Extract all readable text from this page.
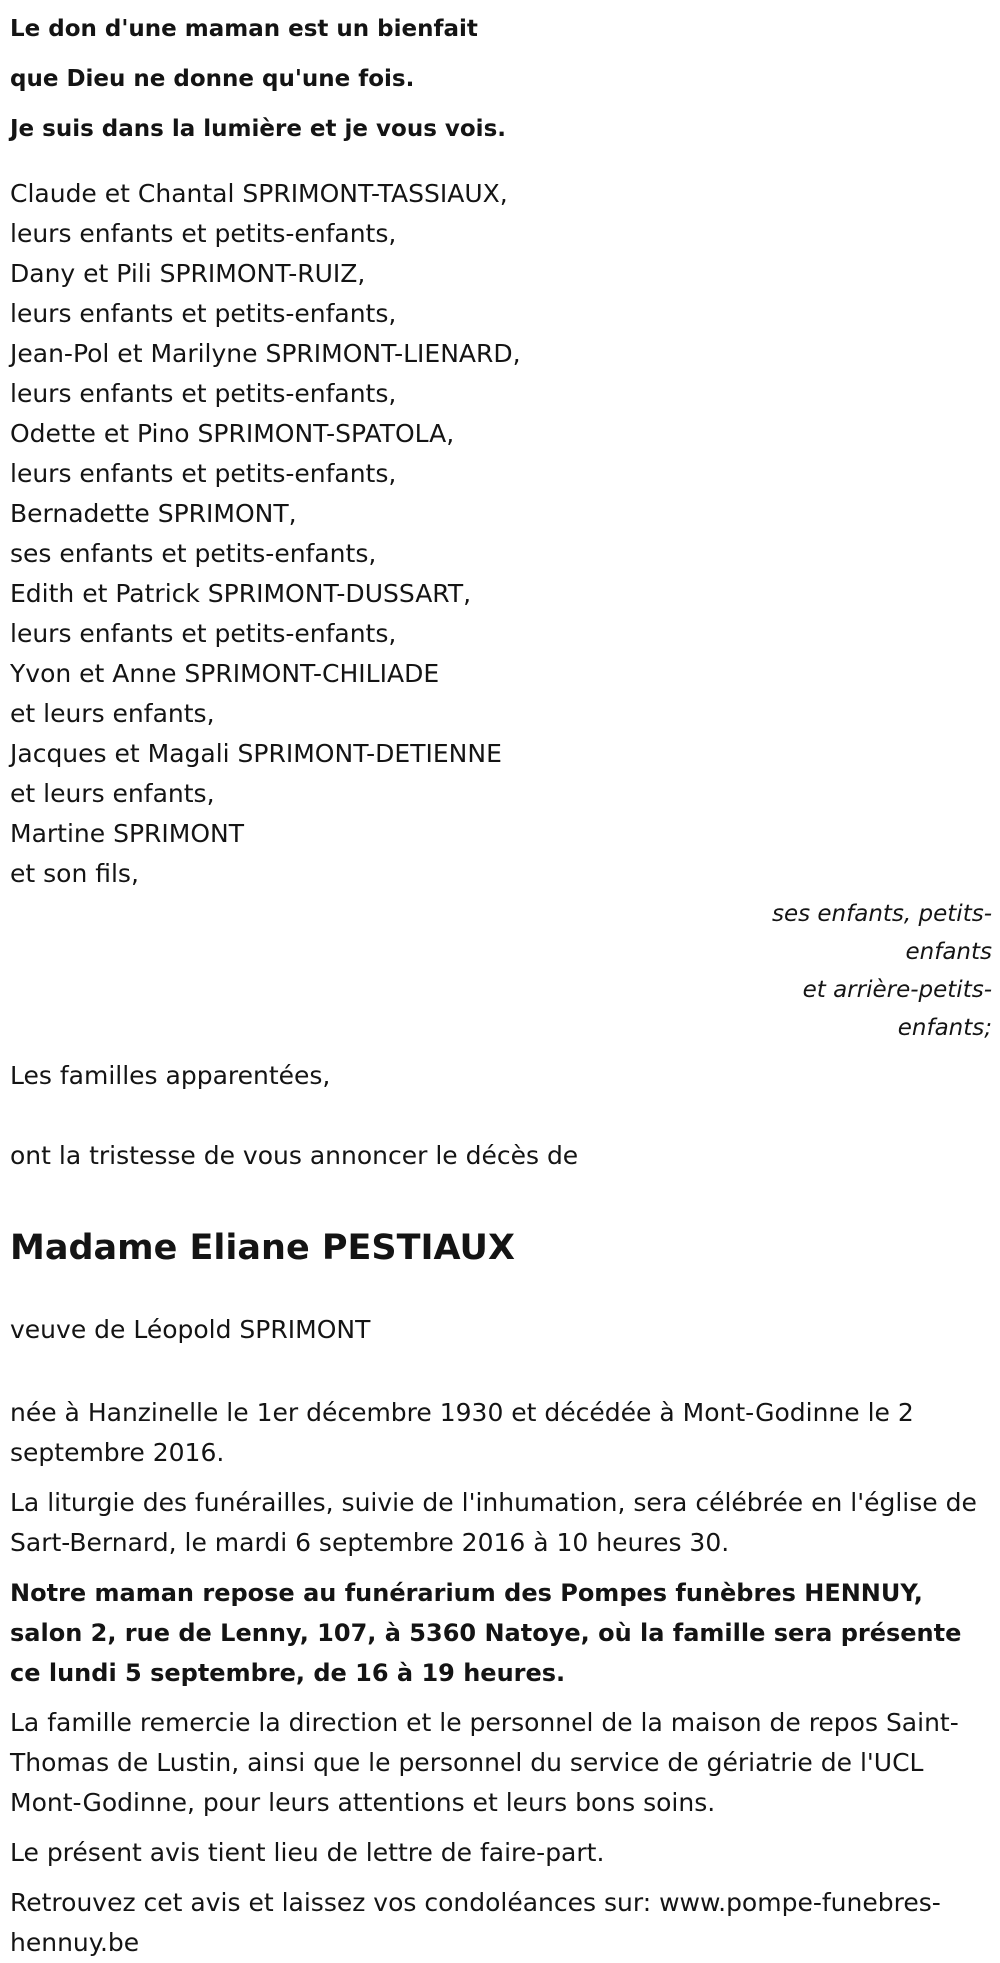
Le don d'une maman est un bienfait
que Dieu ne donne qu'une fois.
Je suis dans la lumière et je vous vois.
Claude et Chantal SPRIMONT-TASSIAUX,
leurs enfants et petits-enfants,
Dany et Pili SPRIMONT-RUIZ,
leurs enfants et petits-enfants,
Jean-Pol et Marilyne SPRIMONT-LIENARD,
leurs enfants et petits-enfants,
Odette et Pino SPRIMONT-SPATOLA,
leurs enfants et petits-enfants,
Bernadette SPRIMONT,
ses enfants et petits-enfants,
Edith et Patrick SPRIMONT-DUSSART,
leurs enfants et petits-enfants,
Yvon et Anne SPRIMONT-CHILIADE
et leurs enfants,
Jacques et Magali SPRIMONT-DETIENNE
et leurs enfants,
Martine SPRIMONT
et son fils,
ses enfants, petits-
enfants
et arrière-petits-
enfants;

Les familles apparentées,

ont la tristesse de vous annoncer le décès de

Madame Eliane PESTIAUX

veuve de Léopold SPRIMONT

née à Hanzinelle le 1er décembre 1930 et décédée à Mont-Godinne le 2 septembre 2016.

La liturgie des funérailles, suivie de l'inhumation, sera célébrée en l'église de Sart-Bernard, le mardi 6 septembre 2016 à 10 heures 30.

Notre maman repose au funérarium des Pompes funèbres HENNUY, salon 2, rue de Lenny, 107, à 5360 Natoye, où la famille sera présente ce lundi 5 septembre, de 16 à 19 heures.

La famille remercie la direction et le personnel de la maison de repos Saint-Thomas de Lustin, ainsi que le personnel du service de gériatrie de l'UCL Mont-Godinne, pour leurs attentions et leurs bons soins.

Le présent avis tient lieu de lettre de faire-part.

Retrouvez cet avis et laissez vos condoléances sur: www.pompe-funebres-hennuy.be
